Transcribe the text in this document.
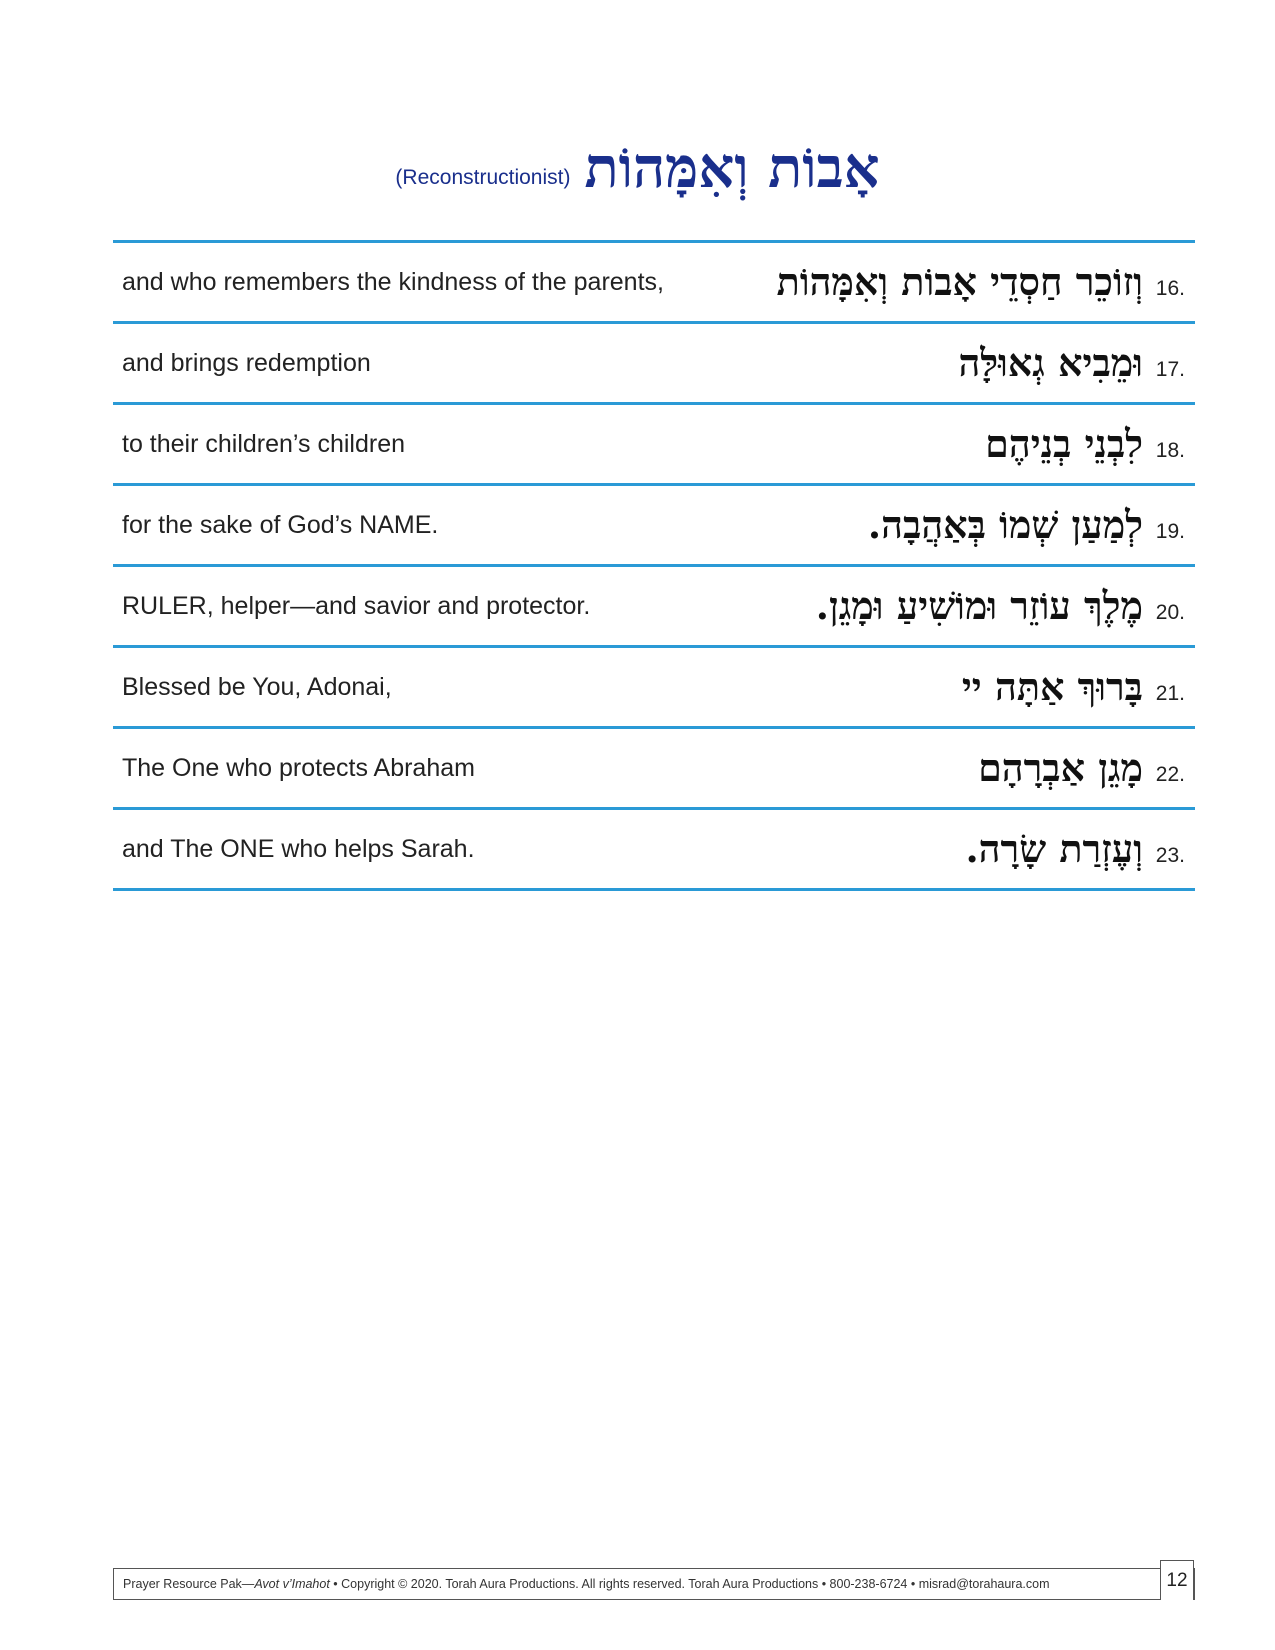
(Reconstructionist) אָבוֹת וְאִמָּהוֹת
and who remembers the kindness of the parents,	וְזוֹכֵר חַסְדֵי אָבוֹת וְאִמָּהוֹת 16.
and brings redemption	וּמֵבִיא גְאוּלָּה 17.
to their children’s children	לִבְנֵי בְנֵיהֶם 18.
for the sake of God’s NAME.	לְמַעַן שְׁמוֹ בְּאַהֲבָה. 19.
RULER, helper—and savior and protector.	מֶלֶךְ עוֹזֵר וּמוֹשִׁיעַ וּמָגֵן. 20.
Blessed be You, Adonai,	בָּרוּךְ אַתָּה יי 21.
The One who protects Abraham	מָגֵן אַבְרָהָם 22.
and The ONE who helps Sarah.	וְעֶזְרַת שָׂרָה. 23.
Prayer Resource Pak—Avot v’Imahot • Copyright © 2020. Torah Aura Productions. All rights reserved. Torah Aura Productions • 800-238-6724 • misrad@torahaura.com	12
